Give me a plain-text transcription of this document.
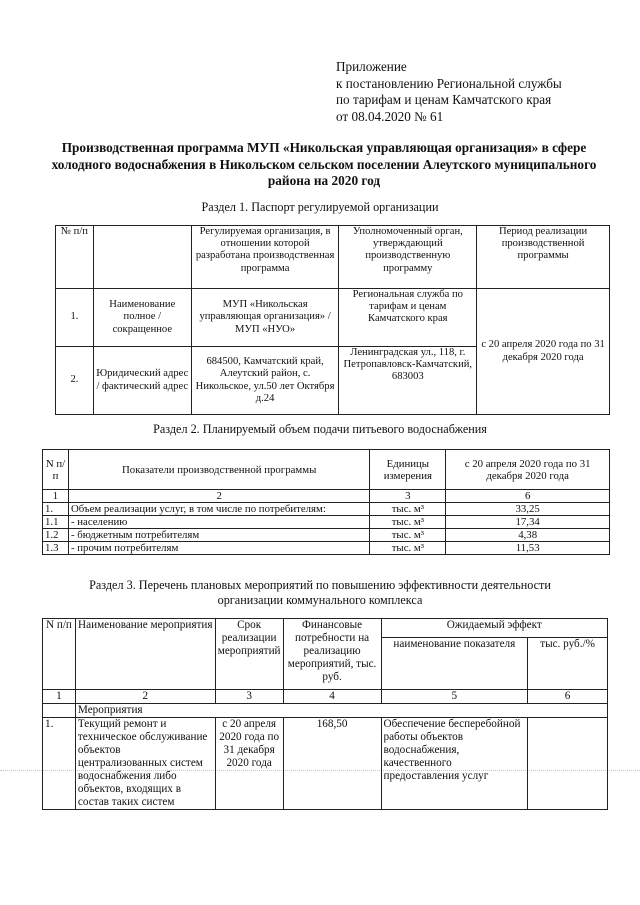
Приложение
к постановлению Региональной службы
по тарифам и ценам Камчатского края
от 08.04.2020 № 61
Производственная программа МУП «Никольская управляющая организация» в сфере холодного водоснабжения в Никольском сельском поселении Алеутского муниципального района на 2020 год
Раздел 1. Паспорт регулируемой организации
№ п/п		Регулируемая организация, в отношении которой разработана производственная программа	Уполномоченный орган, утверждающий производственную программу	Период реализации производственной программы
1.	Наименование полное / сокращенное	МУП «Никольская управляющая организация» / МУП «НУО»	Региональная служба по тарифам и ценам Камчатского края	с 20 апреля 2020 года по 31 декабря 2020 года
2.	Юридический адрес / фактический адрес	684500, Камчатский край, Алеутский район, с. Никольское, ул.50 лет Октября д.24	Ленинградская ул., 118, г. Петропавловск-Камчатский, 683003	
Раздел 2. Планируемый объем подачи питьевого водоснабжения
N п/п	Показатели производственной программы	Единицы измерения	с 20 апреля 2020 года по 31 декабря 2020 года
1	2	3	6
1.	Объем реализации услуг, в том числе по потребителям:	тыс. м³	33,25
1.1	- населению	тыс. м³	17,34
1.2	- бюджетным потребителям	тыс. м³	4,38
1.3	- прочим потребителям	тыс. м³	11,53
Раздел 3. Перечень плановых мероприятий по повышению эффективности деятельности
организации коммунального комплекса
N п/п	Наименование мероприятия	Срок реализации мероприятий	Финансовые потребности на реализацию мероприятий, тыс. руб.	Ожидаемый эффект	
				наименование показателя	тыс. руб./%
1	2	3	4	5	6
	Мероприятия				
1.	Текущий ремонт и техническое обслуживание объектов централизованных систем водоснабжения либо объектов, входящих в состав таких систем	с 20 апреля 2020 года по 31 декабря 2020 года	168,50	Обеспечение бесперебойной работы объектов водоснабжения, качественного предоставления услуг	
